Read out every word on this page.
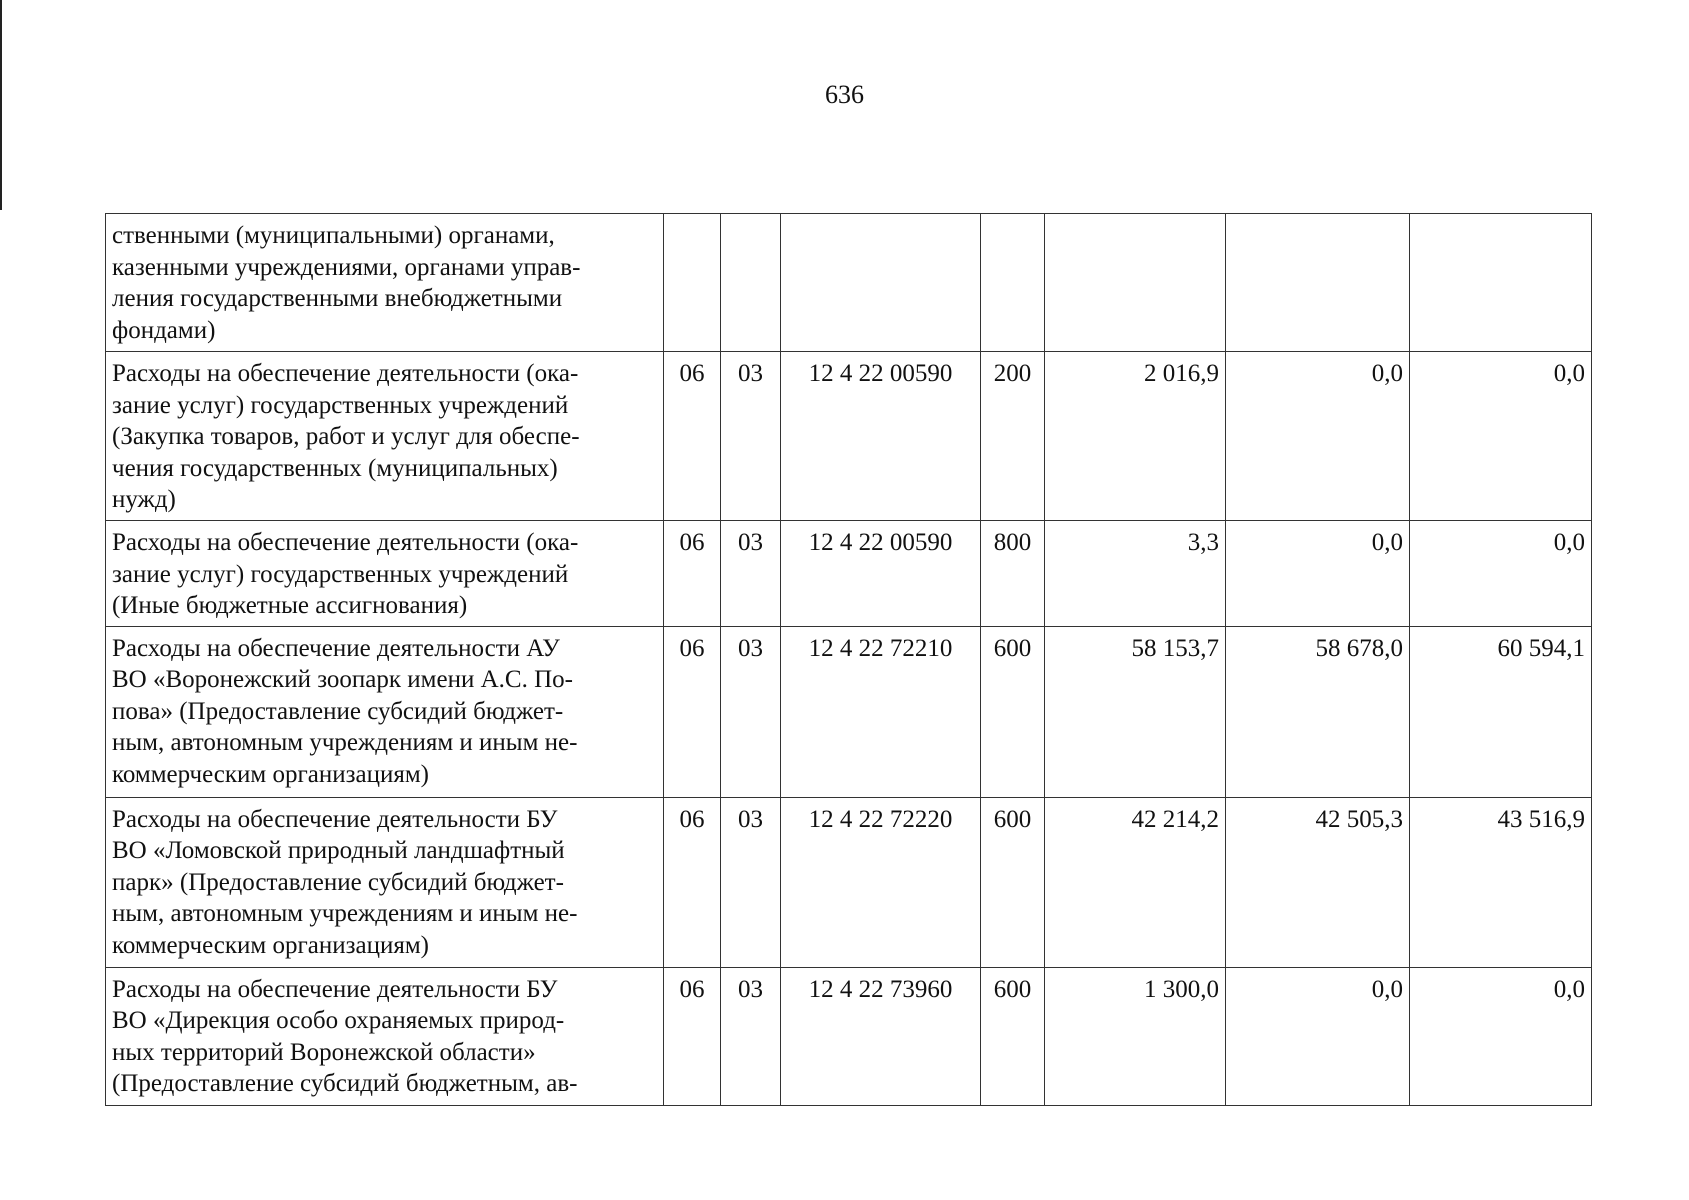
636
ственными (муниципальными) органами,
казенными учреждениями, органами управ-
ления государственными внебюджетными
фондами)							
Расходы на обеспечение деятельности (ока-
зание услуг) государственных учреждений
(Закупка товаров, работ и услуг для обеспе-
чения государственных (муниципальных)
нужд)	06	03	12 4 22 00590	200	2 016,9	0,0	0,0
Расходы на обеспечение деятельности (ока-
зание услуг) государственных учреждений
(Иные бюджетные ассигнования)	06	03	12 4 22 00590	800	3,3	0,0	0,0
Расходы на обеспечение деятельности АУ
ВО «Воронежский зоопарк имени А.С. По-
пова» (Предоставление субсидий бюджет-
ным, автономным учреждениям и иным не-
коммерческим организациям)	06	03	12 4 22 72210	600	58 153,7	58 678,0	60 594,1
Расходы на обеспечение деятельности БУ
ВО «Ломовской природный ландшафтный
парк» (Предоставление субсидий бюджет-
ным, автономным учреждениям и иным не-
коммерческим организациям)	06	03	12 4 22 72220	600	42 214,2	42 505,3	43 516,9
Расходы на обеспечение деятельности БУ
ВО «Дирекция особо охраняемых природ-
ных территорий Воронежской области»
(Предоставление субсидий бюджетным, ав-	06	03	12 4 22 73960	600	1 300,0	0,0	0,0
